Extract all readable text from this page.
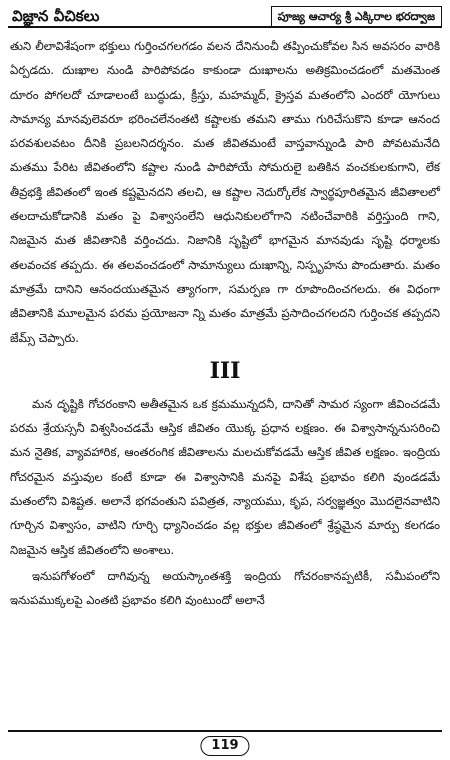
విజ్ఞాన వీచికలు	పూజ్య ఆచార్య శ్రీ ఎక్కిరాల భరద్వాజ

తుని లీలావిశేషంగా భక్తులు గుర్తించగలగడం వలన దేనినుంచీ తప్పించుకోవల సిన అవసరం వారికి ఏర్పడదు. దుఃఖాల నుండి పారిపోవడం కాకుండా దుఃఖాలను అతిక్రమించడంలో మతమెంత దూరం పోగలదో చూడాలంటే బుద్ధుడు, క్రీస్తు, మహమ్మద్, క్రైస్తవ మతంలోని ఎందరో యోగులు సామాన్య మానవులెవరూ భరించలేనంతటి కష్టాలకు తమని తాము గురిచేసుకొని కూడా ఆనంద పరవశులవటం దీనికి ప్రబలనిదర్శనం. మత జీవితమంటే వాస్తవాన్నుండి పారి పోవటమనేది మతము పేరిట జీవితంలోని కష్టాల నుండి పారిపోయే సోమరులై బతికిన వంచకులకుగాని, లేక తీవ్రభక్తి జీవితంలో ఇంత కష్టమైనదని తలచి, ఆ కష్టాల నెదుర్కోలేక స్వార్థపూరితమైన జీవితాలలో తలదాచుకోడానికి మతం పై విశ్వాసంలేని ఆధునికులలోగాని నటించేవారికి వర్తిస్తుంది గాని, నిజమైన మత జీవితానికి వర్తించదు. నిజానికి సృష్టిలో భాగమైన మానవుడు సృష్టి ధర్మాలకు తలవంచక తప్పదు. ఈ తలవంచడంలో సామాన్యులు దుఃఖాన్ని, నిస్పృహను పొందుతారు. మతం మాత్రమే దానిని ఆనందయుతమైన త్యాగంగా, సమర్పణ గా రూపొందించగలదు. ఈ విధంగా జీవితానికి మూలమైన పరమ ప్రయోజనా న్ని మతం మాత్రమే ప్రసాదించగలదని గుర్తించక తప్పదని జేమ్స్ చెప్పారు.

III

మన దృష్టికి గోచరంకాని అతీతమైన ఒక క్రమమున్నదనీ, దానితో సామర స్యంగా జీవించడమే పరమ శ్రేయస్సనీ విశ్వసించడమే ఆస్తిక జీవితం యొక్క ప్రధాన లక్షణం. ఈ విశ్వాసాన్ననుసరించి మన నైతిక, వ్యావహారిక, ఆంతరంగిక జీవితాలను మలచుకోవడమే ఆస్తిక జీవిత లక్షణం. ఇంద్రియ గోచరమైన వస్తువుల కంటే కూడా ఈ విశ్వాసానికి మనపై విశేష ప్రభావం కలిగి వుండడమే మతంలోని విశిష్టత. అలానే భగవంతుని పవిత్రత, న్యాయము, కృప, సర్వజ్ఞత్వం మొదలైనవాటిని గూర్చిన విశ్వాసం, వాటిని గూర్చి ధ్యానించడం వల్ల భక్తుల జీవితంలో శ్రేష్ఠమైన మార్పు కలగడం నిజమైన ఆస్తిక జీవితంలోని అంశాలు.

ఇనుపగోళంలో దాగివున్న అయస్కాంతశక్తి ఇంద్రియ గోచరంకానప్పటికీ, సమీపంలోని ఇనుపముక్కలపై ఎంతటి ప్రభావం కలిగి వుంటుందో అలానే

119
